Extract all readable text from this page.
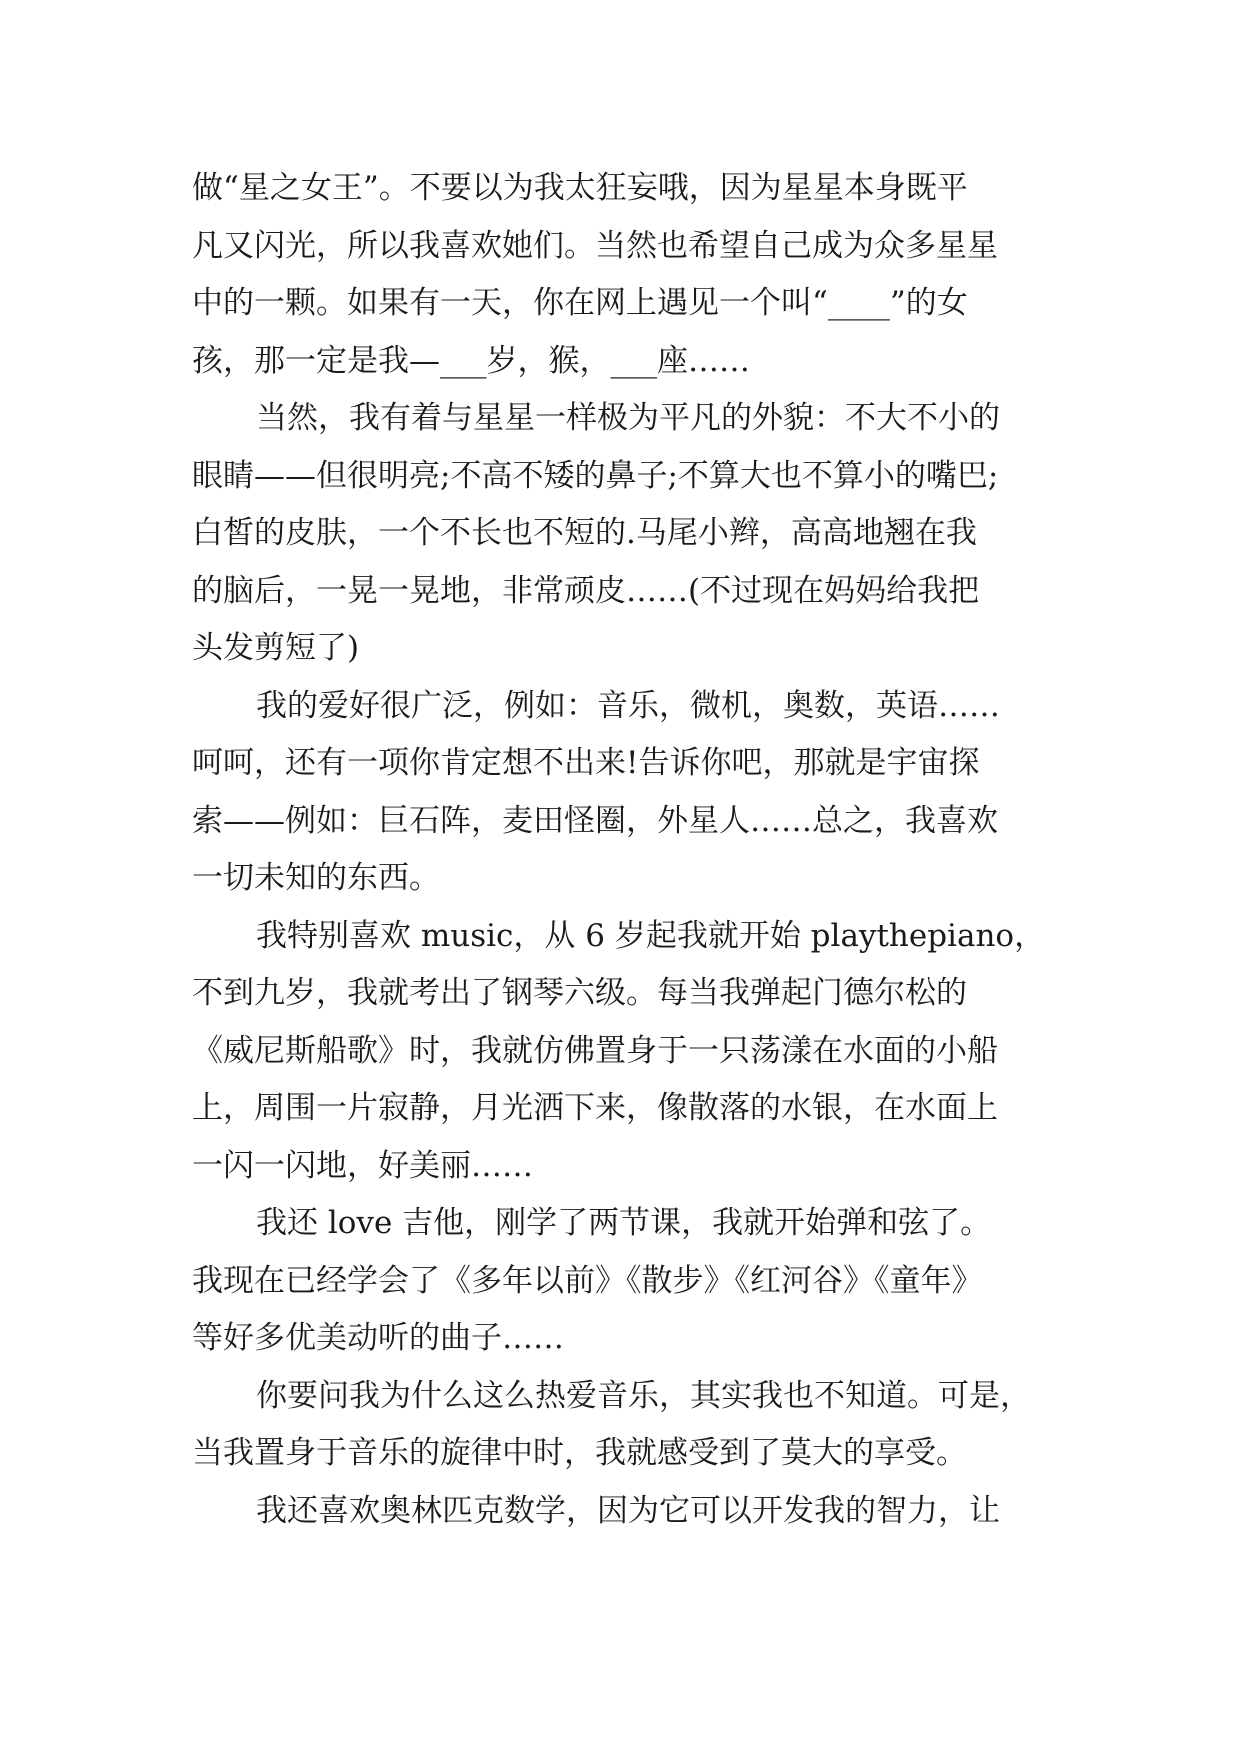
做“星之女王”。不要以为我太狂妄哦，因为星星本身既平
凡又闪光，所以我喜欢她们。当然也希望自己成为众多星星
中的一颗。如果有一天，你在网上遇见一个叫“____”的女
孩，那一定是我—___岁，猴，___座……
当然，我有着与星星一样极为平凡的外貌：不大不小的
眼睛——但很明亮;不高不矮的鼻子;不算大也不算小的嘴巴;
白皙的皮肤，一个不长也不短的.马尾小辫，高高地翘在我
的脑后，一晃一晃地，非常顽皮……(不过现在妈妈给我把
头发剪短了)
我的爱好很广泛，例如：音乐，微机，奥数，英语……
呵呵，还有一项你肯定想不出来!告诉你吧，那就是宇宙探
索——例如：巨石阵，麦田怪圈，外星人……总之，我喜欢
一切未知的东西。
我特别喜欢 music，从 6 岁起我就开始 playthepiano，
不到九岁，我就考出了钢琴六级。每当我弹起门德尔松的
《威尼斯船歌》时，我就仿佛置身于一只荡漾在水面的小船
上，周围一片寂静，月光洒下来，像散落的水银，在水面上
一闪一闪地，好美丽……
我还 love 吉他，刚学了两节课，我就开始弹和弦了。
我现在已经学会了《多年以前》《散步》《红河谷》《童年》
等好多优美动听的曲子……
你要问我为什么这么热爱音乐，其实我也不知道。可是，
当我置身于音乐的旋律中时，我就感受到了莫大的享受。
我还喜欢奥林匹克数学，因为它可以开发我的智力，让
